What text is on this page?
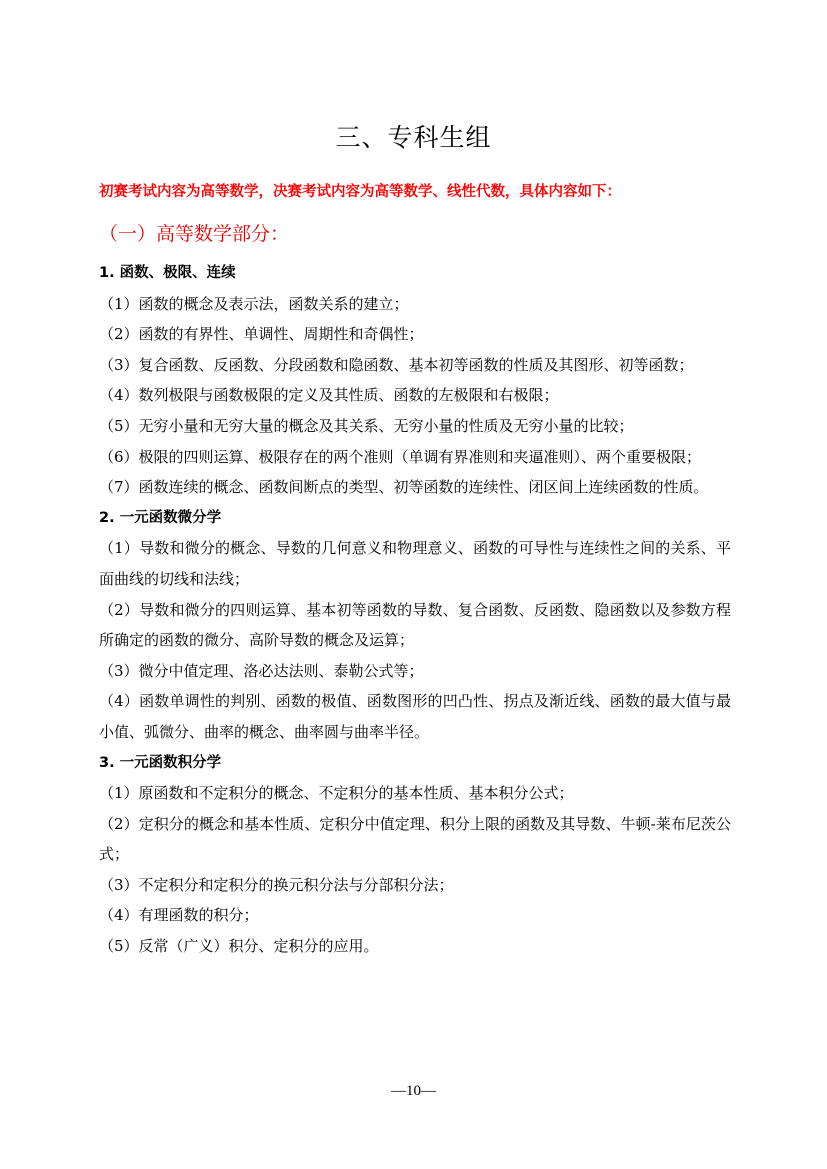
三、专科生组
初赛考试内容为高等数学，决赛考试内容为高等数学、线性代数，具体内容如下：
（一）高等数学部分：
1. 函数、极限、连续
（1）函数的概念及表示法，函数关系的建立；
（2）函数的有界性、单调性、周期性和奇偶性；
（3）复合函数、反函数、分段函数和隐函数、基本初等函数的性质及其图形、初等函数；
（4）数列极限与函数极限的定义及其性质、函数的左极限和右极限；
（5）无穷小量和无穷大量的概念及其关系、无穷小量的性质及无穷小量的比较；
（6）极限的四则运算、极限存在的两个准则（单调有界准则和夹逼准则）、两个重要极限；
（7）函数连续的概念、函数间断点的类型、初等函数的连续性、闭区间上连续函数的性质。
2. 一元函数微分学
（1）导数和微分的概念、导数的几何意义和物理意义、函数的可导性与连续性之间的关系、平面曲线的切线和法线；
（2）导数和微分的四则运算、基本初等函数的导数、复合函数、反函数、隐函数以及参数方程所确定的函数的微分、高阶导数的概念及运算；
（3）微分中值定理、洛必达法则、泰勒公式等；
（4）函数单调性的判别、函数的极值、函数图形的凹凸性、拐点及渐近线、函数的最大值与最小值、弧微分、曲率的概念、曲率圆与曲率半径。
3. 一元函数积分学
（1）原函数和不定积分的概念、不定积分的基本性质、基本积分公式；
（2）定积分的概念和基本性质、定积分中值定理、积分上限的函数及其导数、牛顿-莱布尼茨公式；
（3）不定积分和定积分的换元积分法与分部积分法；
（4）有理函数的积分；
（5）反常（广义）积分、定积分的应用。
—10—
